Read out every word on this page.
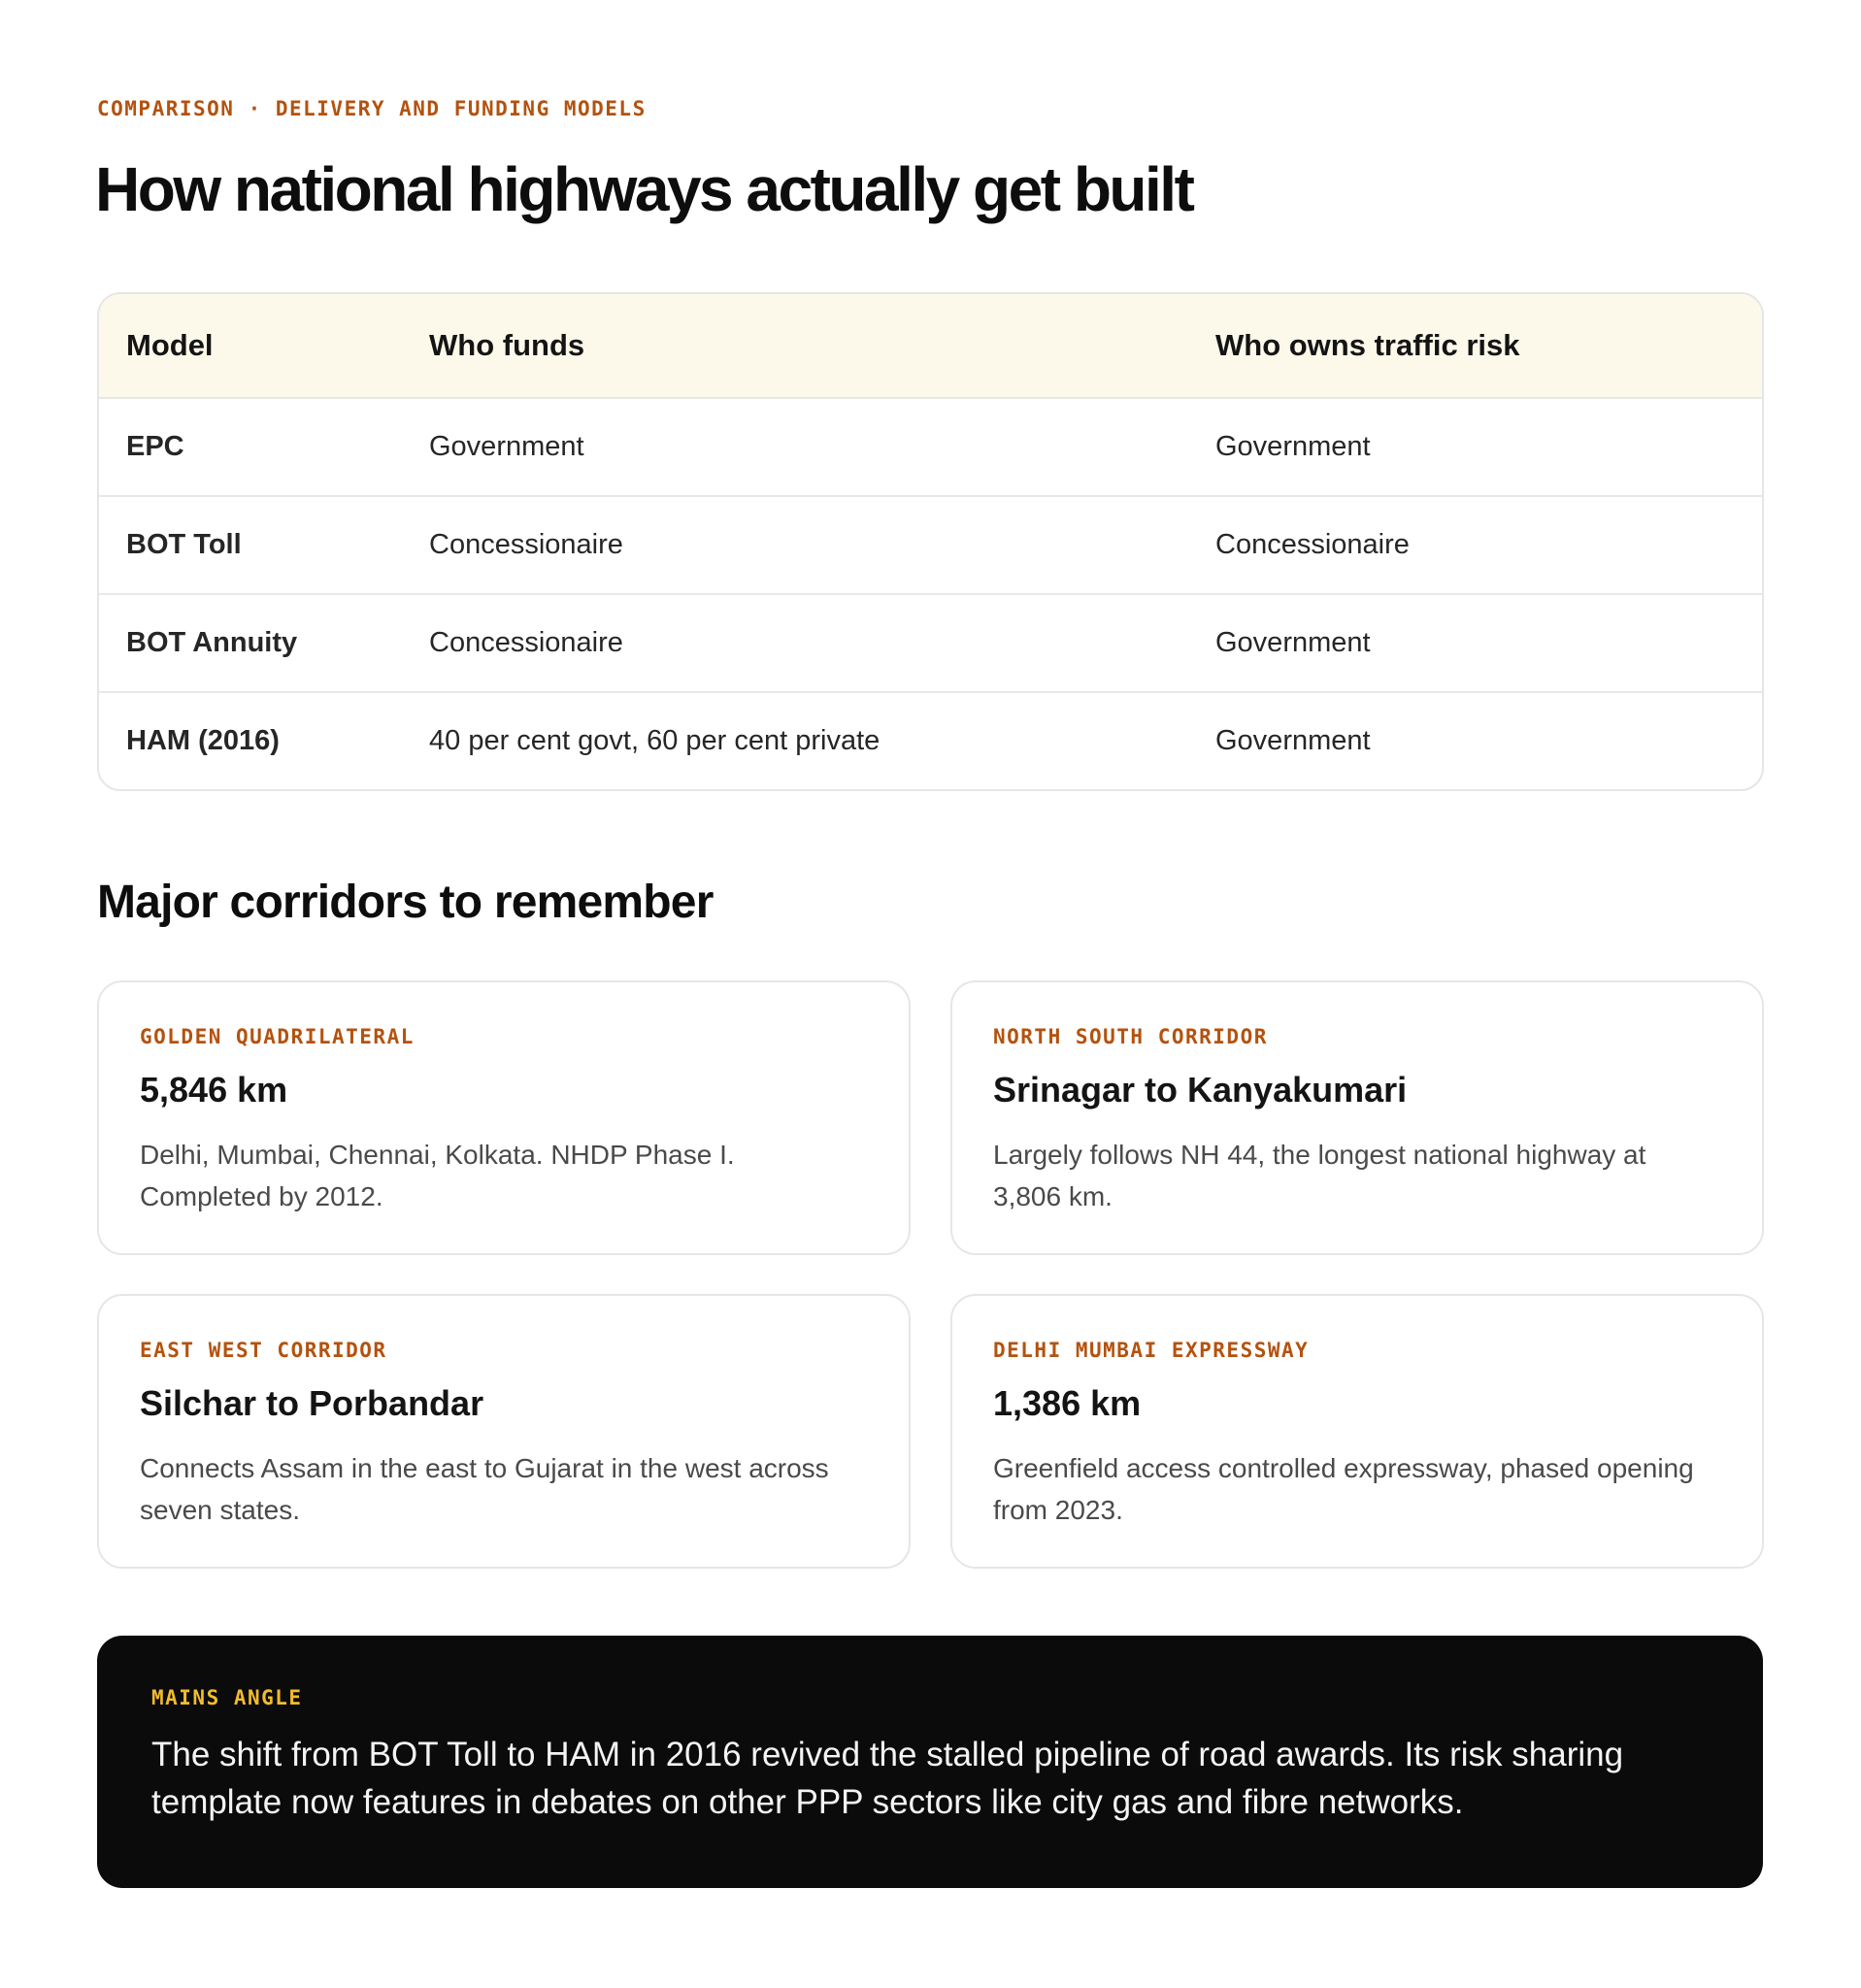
COMPARISON · DELIVERY AND FUNDING MODELS
How national highways actually get built
Model	Who funds	Who owns traffic risk
EPC	Government	Government
BOT Toll	Concessionaire	Concessionaire
BOT Annuity	Concessionaire	Government
HAM (2016)	40 per cent govt, 60 per cent private	Government
Major corridors to remember
GOLDEN QUADRILATERAL
5,846 km
Delhi, Mumbai, Chennai, Kolkata. NHDP Phase I. Completed by 2012.
NORTH SOUTH CORRIDOR
Srinagar to Kanyakumari
Largely follows NH 44, the longest national highway at 3,806 km.
EAST WEST CORRIDOR
Silchar to Porbandar
Connects Assam in the east to Gujarat in the west across seven states.
DELHI MUMBAI EXPRESSWAY
1,386 km
Greenfield access controlled expressway, phased opening from 2023.
MAINS ANGLE
The shift from BOT Toll to HAM in 2016 revived the stalled pipeline of road awards. Its risk sharing template now features in debates on other PPP sectors like city gas and fibre networks.
